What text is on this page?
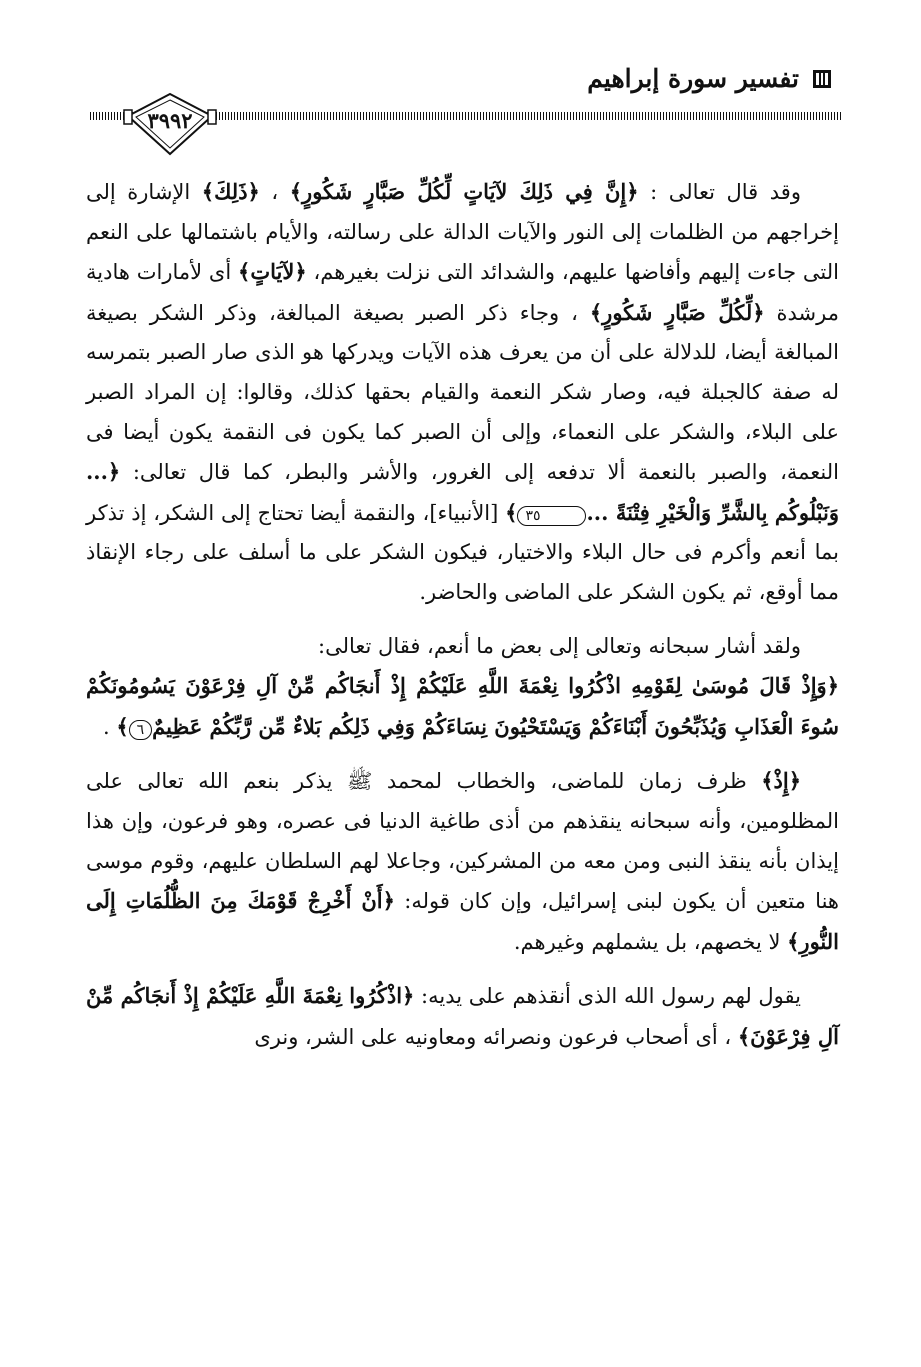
تفسير سورة إبراهيم
٣٩٩٢

وقد قال تعالى : ﴿إِنَّ فِي ذَلِكَ لآيَاتٍ لِّكُلِّ صَبَّارٍ شَكُورٍ﴾ ، ﴿ذَلِكَ﴾ الإشارة إلى إخراجهم من الظلمات إلى النور والآيات الدالة على رسالته، والأيام باشتمالها على النعم التى جاءت إليهم وأفاضها عليهم، والشدائد التى نزلت بغيرهم، ﴿لآيَاتٍ﴾ أى لأمارات هادية مرشدة ﴿لِّكُلِّ صَبَّارٍ شَكُورٍ﴾ ، وجاء ذكر الصبر بصيغة المبالغة، وذكر الشكر بصيغة المبالغة أيضا، للدلالة على أن من يعرف هذه الآيات ويدركها هو الذى صار الصبر بتمرسه له صفة كالجبلة فيه، وصار شكر النعمة والقيام بحقها كذلك، وقالوا: إن المراد الصبر على البلاء، والشكر على النعماء، وإلى أن الصبر كما يكون فى النقمة يكون أيضا فى النعمة، والصبر بالنعمة ألا تدفعه إلى الغرور، والأشر والبطر، كما قال تعالى: ﴿... وَنَبْلُوكُم بِالشَّرِّ وَالْخَيْرِ فِتْنَةً ...٣٥﴾ [الأنبياء]، والنقمة أيضا تحتاج إلى الشكر، إذ تذكر بما أنعم وأكرم فى حال البلاء والاختيار، فيكون الشكر على ما أسلف على رجاء الإنقاذ مما أوقع، ثم يكون الشكر على الماضى والحاضر.

ولقد أشار سبحانه وتعالى إلى بعض ما أنعم، فقال تعالى:

﴿وَإِذْ قَالَ مُوسَىٰ لِقَوْمِهِ اذْكُرُوا نِعْمَةَ اللَّهِ عَلَيْكُمْ إِذْ أَنجَاكُم مِّنْ آلِ فِرْعَوْنَ يَسُومُونَكُمْ سُوءَ الْعَذَابِ وَيُذَبِّحُونَ أَبْنَاءَكُمْ وَيَسْتَحْيُونَ نِسَاءَكُمْ وَفِي ذَلِكُم بَلاءٌ مِّن رَّبِّكُمْ عَظِيمٌ٦﴾ .

﴿إِذْ﴾ ظرف زمان للماضى، والخطاب لمحمد ﷺ يذكر بنعم الله تعالى على المظلومين، وأنه سبحانه ينقذهم من أذى طاغية الدنيا فى عصره، وهو فرعون، وإن هذا إيذان بأنه ينقذ النبى ومن معه من المشركين، وجاعلا لهم السلطان عليهم، وقوم موسى هنا متعين أن يكون لبنى إسرائيل، وإن كان قوله: ﴿أَنْ أَخْرِجْ قَوْمَكَ مِنَ الظُّلُمَاتِ إِلَى النُّورِ﴾ لا يخصهم، بل يشملهم وغيرهم.

يقول لهم رسول الله الذى أنقذهم على يديه: ﴿اذْكُرُوا نِعْمَةَ اللَّهِ عَلَيْكُمْ إِذْ أَنجَاكُم مِّنْ آلِ فِرْعَوْنَ﴾ ، أى أصحاب فرعون ونصرائه ومعاونيه على الشر، ونرى
